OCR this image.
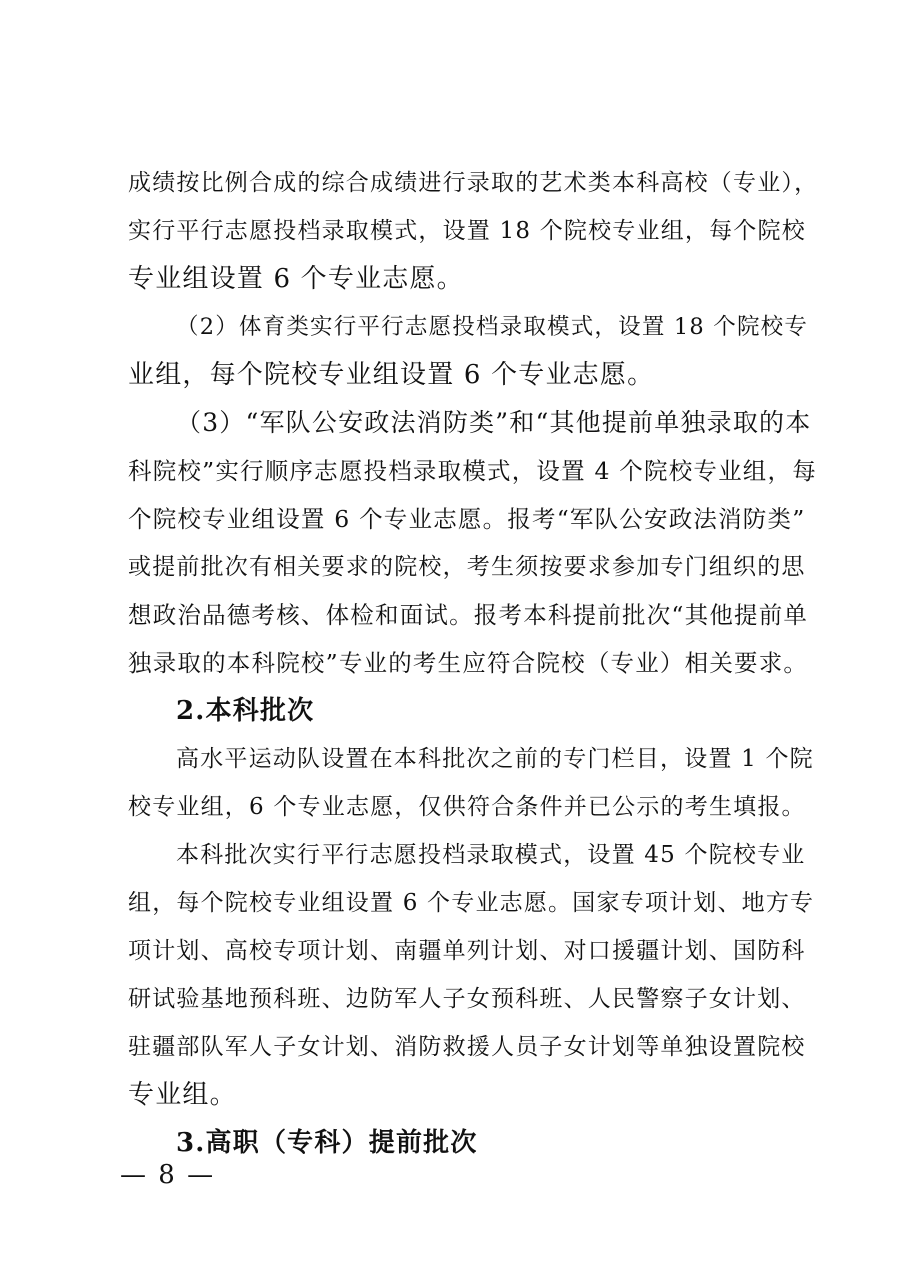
成绩按比例合成的综合成绩进行录取的艺术类本科高校（专业），
实行平行志愿投档录取模式，设置 18 个院校专业组，每个院校
专业组设置 6 个专业志愿。
（2）体育类实行平行志愿投档录取模式，设置 18 个院校专
业组，每个院校专业组设置 6 个专业志愿。
（3）“军队公安政法消防类”和“其他提前单独录取的本
科院校”实行顺序志愿投档录取模式，设置 4 个院校专业组，每
个院校专业组设置 6 个专业志愿。报考“军队公安政法消防类”
或提前批次有相关要求的院校，考生须按要求参加专门组织的思
想政治品德考核、体检和面试。报考本科提前批次“其他提前单
独录取的本科院校”专业的考生应符合院校（专业）相关要求。
2.本科批次
高水平运动队设置在本科批次之前的专门栏目，设置 1 个院
校专业组，6 个专业志愿，仅供符合条件并已公示的考生填报。
本科批次实行平行志愿投档录取模式，设置 45 个院校专业
组，每个院校专业组设置 6 个专业志愿。国家专项计划、地方专
项计划、高校专项计划、南疆单列计划、对口援疆计划、国防科
研试验基地预科班、边防军人子女预科班、人民警察子女计划、
驻疆部队军人子女计划、消防救援人员子女计划等单独设置院校
专业组。
3.高职（专科）提前批次
— 8 —
